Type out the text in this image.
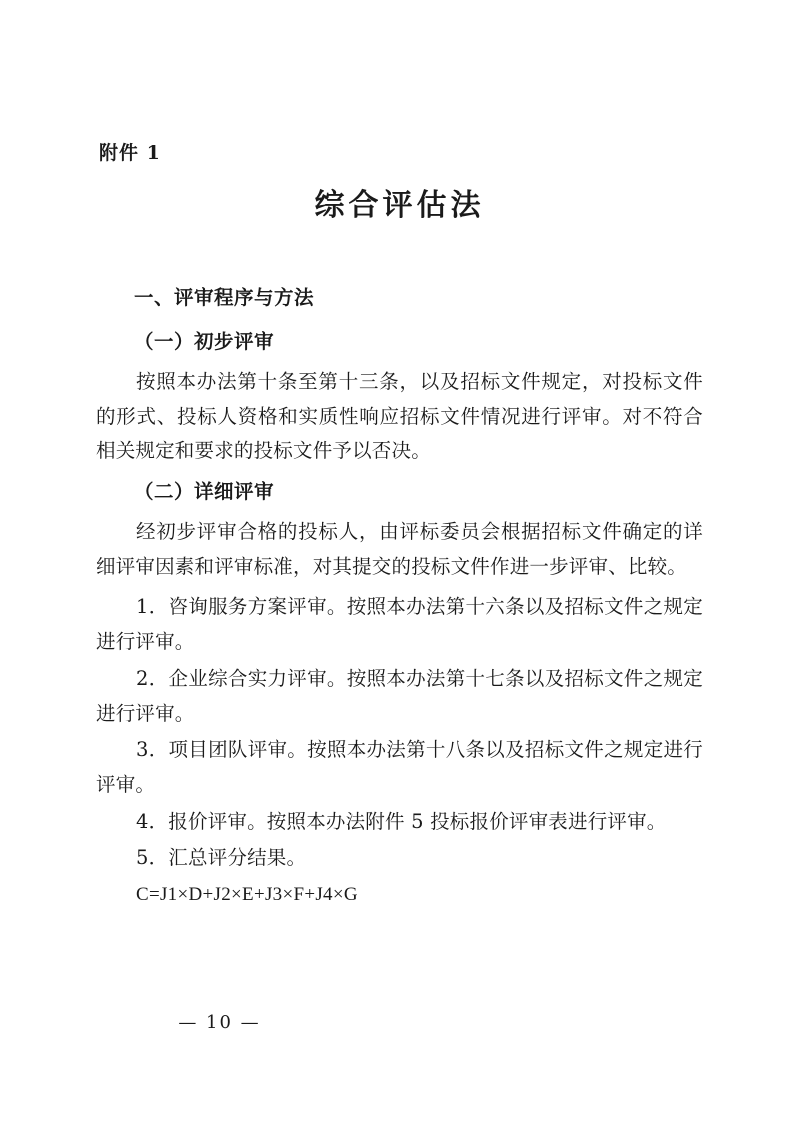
附件 1
综合评估法
一、评审程序与方法
（一）初步评审

按照本办法第十条至第十三条，以及招标文件规定，对投标文件的形式、投标人资格和实质性响应招标文件情况进行评审。对不符合相关规定和要求的投标文件予以否决。

（二）详细评审

经初步评审合格的投标人，由评标委员会根据招标文件确定的详细评审因素和评审标准，对其提交的投标文件作进一步评审、比较。

1．咨询服务方案评审。按照本办法第十六条以及招标文件之规定进行评审。

2．企业综合实力评审。按照本办法第十七条以及招标文件之规定进行评审。

3．项目团队评审。按照本办法第十八条以及招标文件之规定进行评审。

4．报价评审。按照本办法附件 5 投标报价评审表进行评审。

5．汇总评分结果。

C=J1×D+J2×E+J3×F+J4×G

— 10 —
